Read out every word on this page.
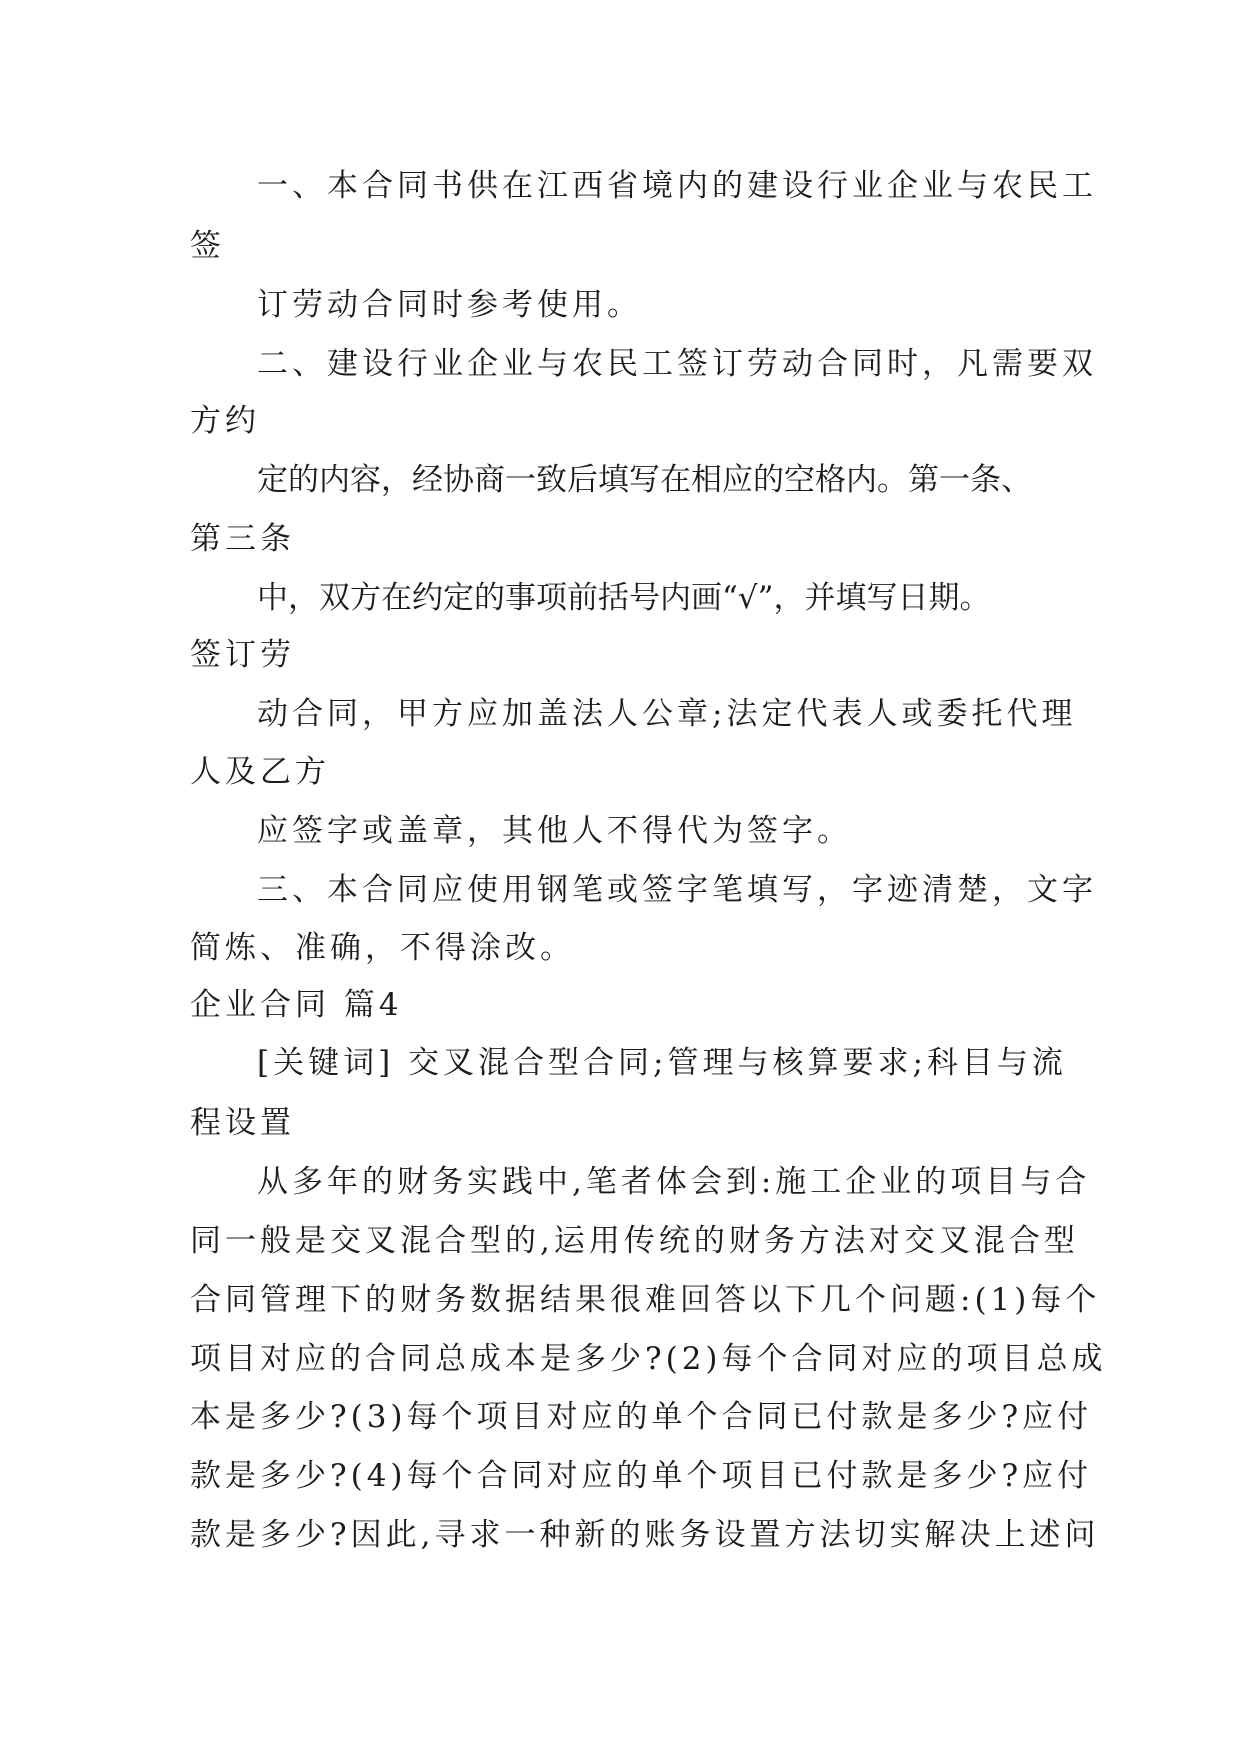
一、本合同书供在江西省境内的建设行业企业与农民工
签
订劳动合同时参考使用。
二、建设行业企业与农民工签订劳动合同时，凡需要双
方约
定的内容，经协商一致后填写在相应的空格内。第一条、
第三条
中，双方在约定的事项前括号内画“√”，并填写日期。
签订劳
动合同，甲方应加盖法人公章;法定代表人或委托代理
人及乙方
应签字或盖章，其他人不得代为签字。
三、本合同应使用钢笔或签字笔填写，字迹清楚，文字
简炼、准确，不得涂改。
企业合同 篇4
[关键词] 交叉混合型合同;管理与核算要求;科目与流
程设置
从多年的财务实践中,笔者体会到:施工企业的项目与合
同一般是交叉混合型的,运用传统的财务方法对交叉混合型
合同管理下的财务数据结果很难回答以下几个问题:(1)每个
项目对应的合同总成本是多少?(2)每个合同对应的项目总成
本是多少?(3)每个项目对应的单个合同已付款是多少?应付
款是多少?(4)每个合同对应的单个项目已付款是多少?应付
款是多少?因此,寻求一种新的账务设置方法切实解决上述问
